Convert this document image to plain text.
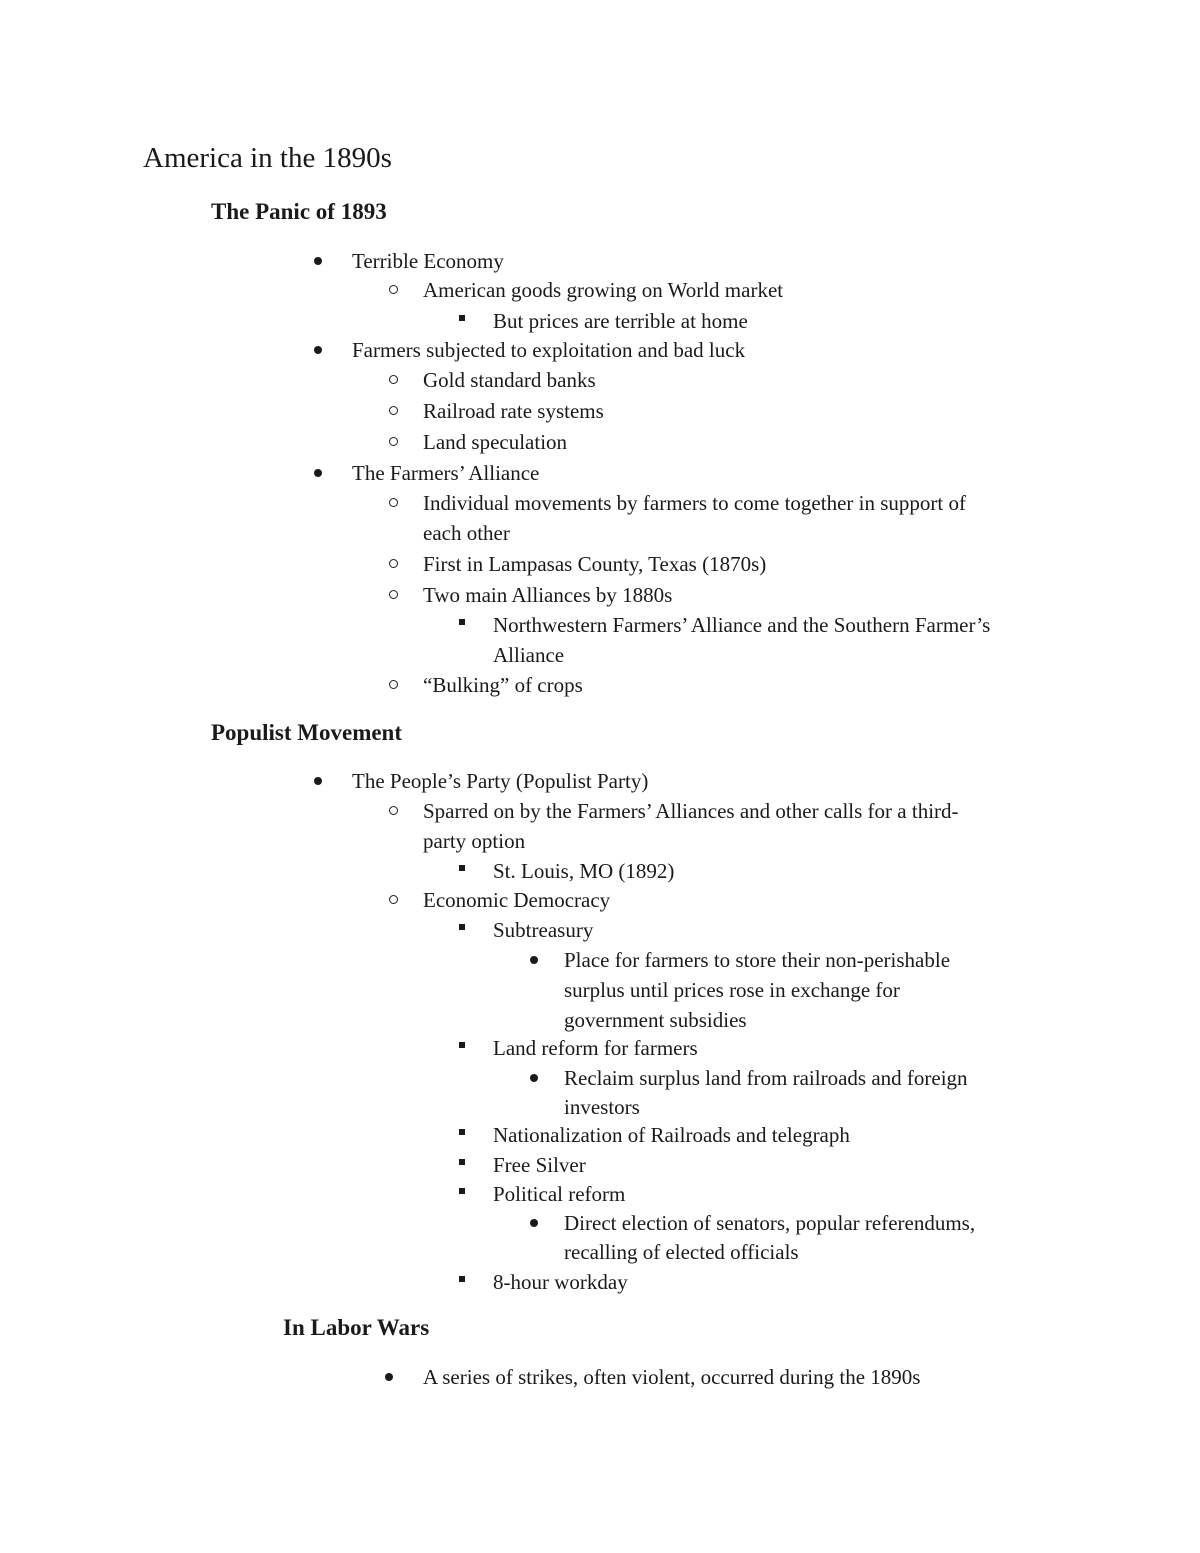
America in the 1890s
The Panic of 1893
Terrible Economy
American goods growing on World market
But prices are terrible at home
Farmers subjected to exploitation and bad luck
Gold standard banks
Railroad rate systems
Land speculation
The Farmers’ Alliance
Individual movements by farmers to come together in support of
each other
First in Lampasas County, Texas (1870s)
Two main Alliances by 1880s
Northwestern Farmers’ Alliance and the Southern Farmer’s
Alliance
“Bulking” of crops
Populist Movement
The People’s Party (Populist Party)
Sparred on by the Farmers’ Alliances and other calls for a third-
party option
St. Louis, MO (1892)
Economic Democracy
Subtreasury
Place for farmers to store their non-perishable
surplus until prices rose in exchange for
government subsidies
Land reform for farmers
Reclaim surplus land from railroads and foreign
investors
Nationalization of Railroads and telegraph
Free Silver
Political reform
Direct election of senators, popular referendums,
recalling of elected officials
8-hour workday
In Labor Wars
A series of strikes, often violent, occurred during the 1890s
